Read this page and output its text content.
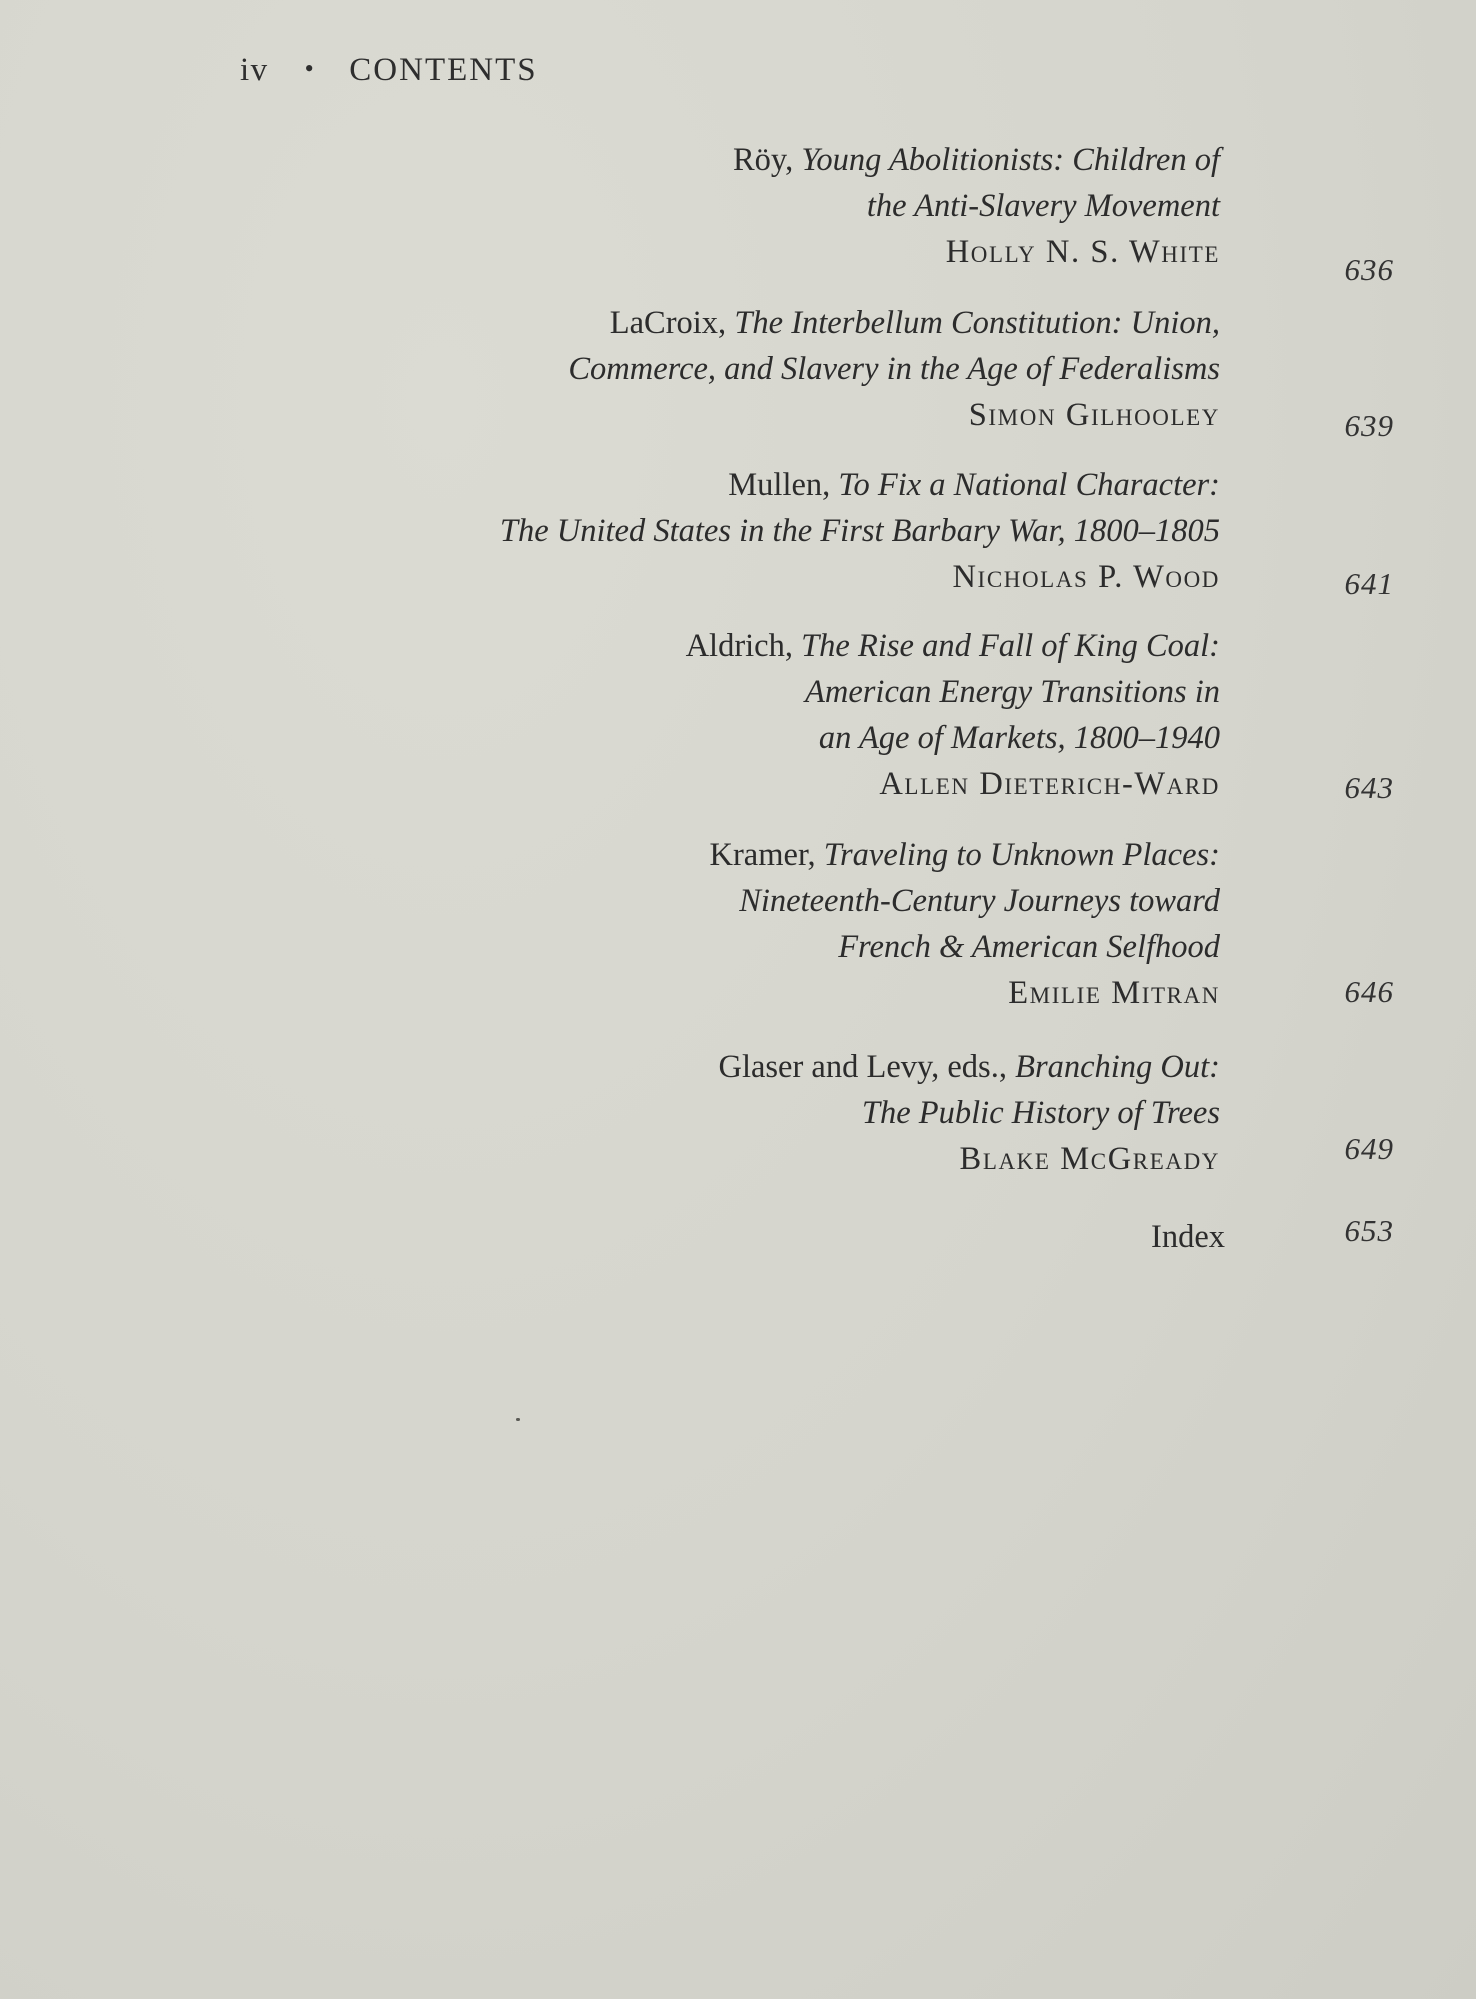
iv • CONTENTS
Röy, Young Abolitionists: Children of
the Anti-Slavery Movement
Holly N. S. White	636
LaCroix, The Interbellum Constitution: Union,
Commerce, and Slavery in the Age of Federalisms
Simon Gilhooley	639
Mullen, To Fix a National Character:
The United States in the First Barbary War, 1800–1805
Nicholas P. Wood	641
Aldrich, The Rise and Fall of King Coal:
American Energy Transitions in
an Age of Markets, 1800–1940
Allen Dieterich-Ward	643
Kramer, Traveling to Unknown Places:
Nineteenth-Century Journeys toward
French & American Selfhood
Emilie Mitran	646
Glaser and Levy, eds., Branching Out:
The Public History of Trees
Blake McGready	649
Index	653
